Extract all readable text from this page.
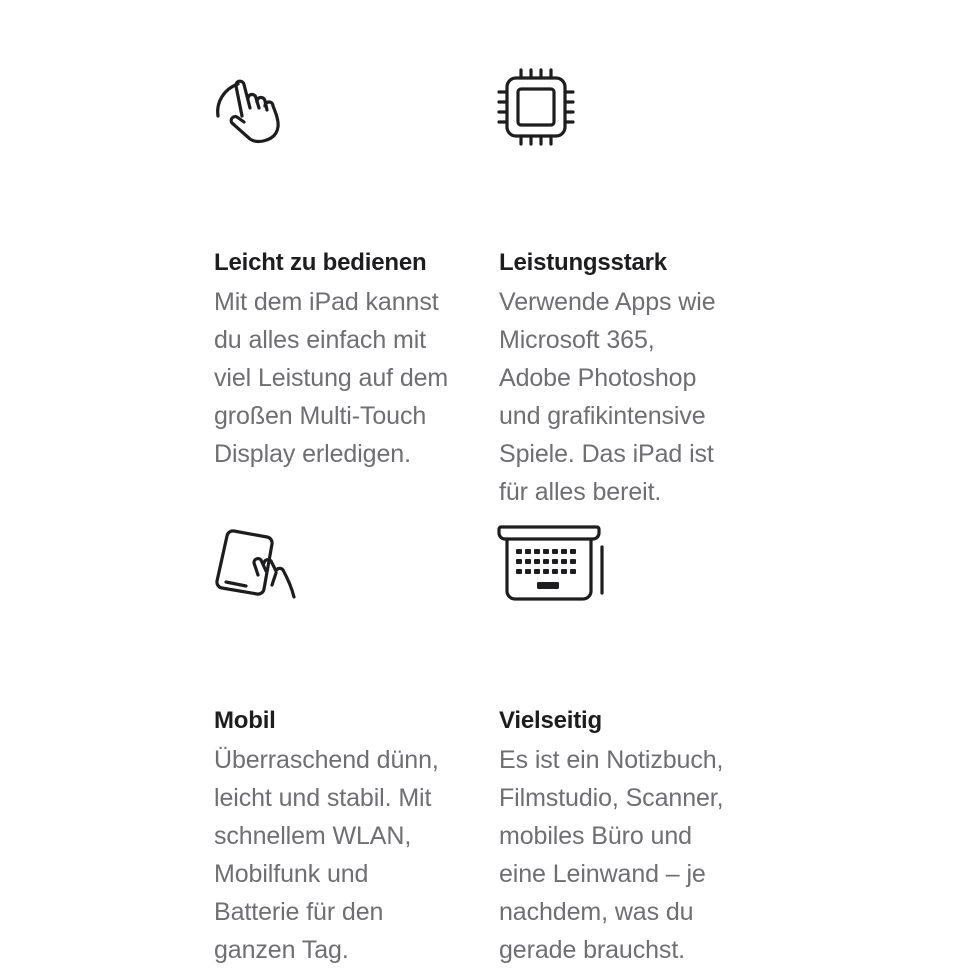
Leicht zu bedienen
Mit dem iPad kannst
du alles einfach mit
viel Leistung auf dem
großen Multi-Touch
Display erledigen.
Leistungsstark
Verwende Apps wie
Microsoft 365,
Adobe Photoshop
und grafikintensive
Spiele. Das iPad ist
für alles bereit.
Mobil
Überraschend dünn,
leicht und stabil. Mit
schnellem WLAN,
Mobilfunk und
Batterie für den
ganzen Tag.
Vielseitig
Es ist ein Notizbuch,
Filmstudio, Scanner,
mobiles Büro und
eine Leinwand – je
nachdem, was du
gerade brauchst.
